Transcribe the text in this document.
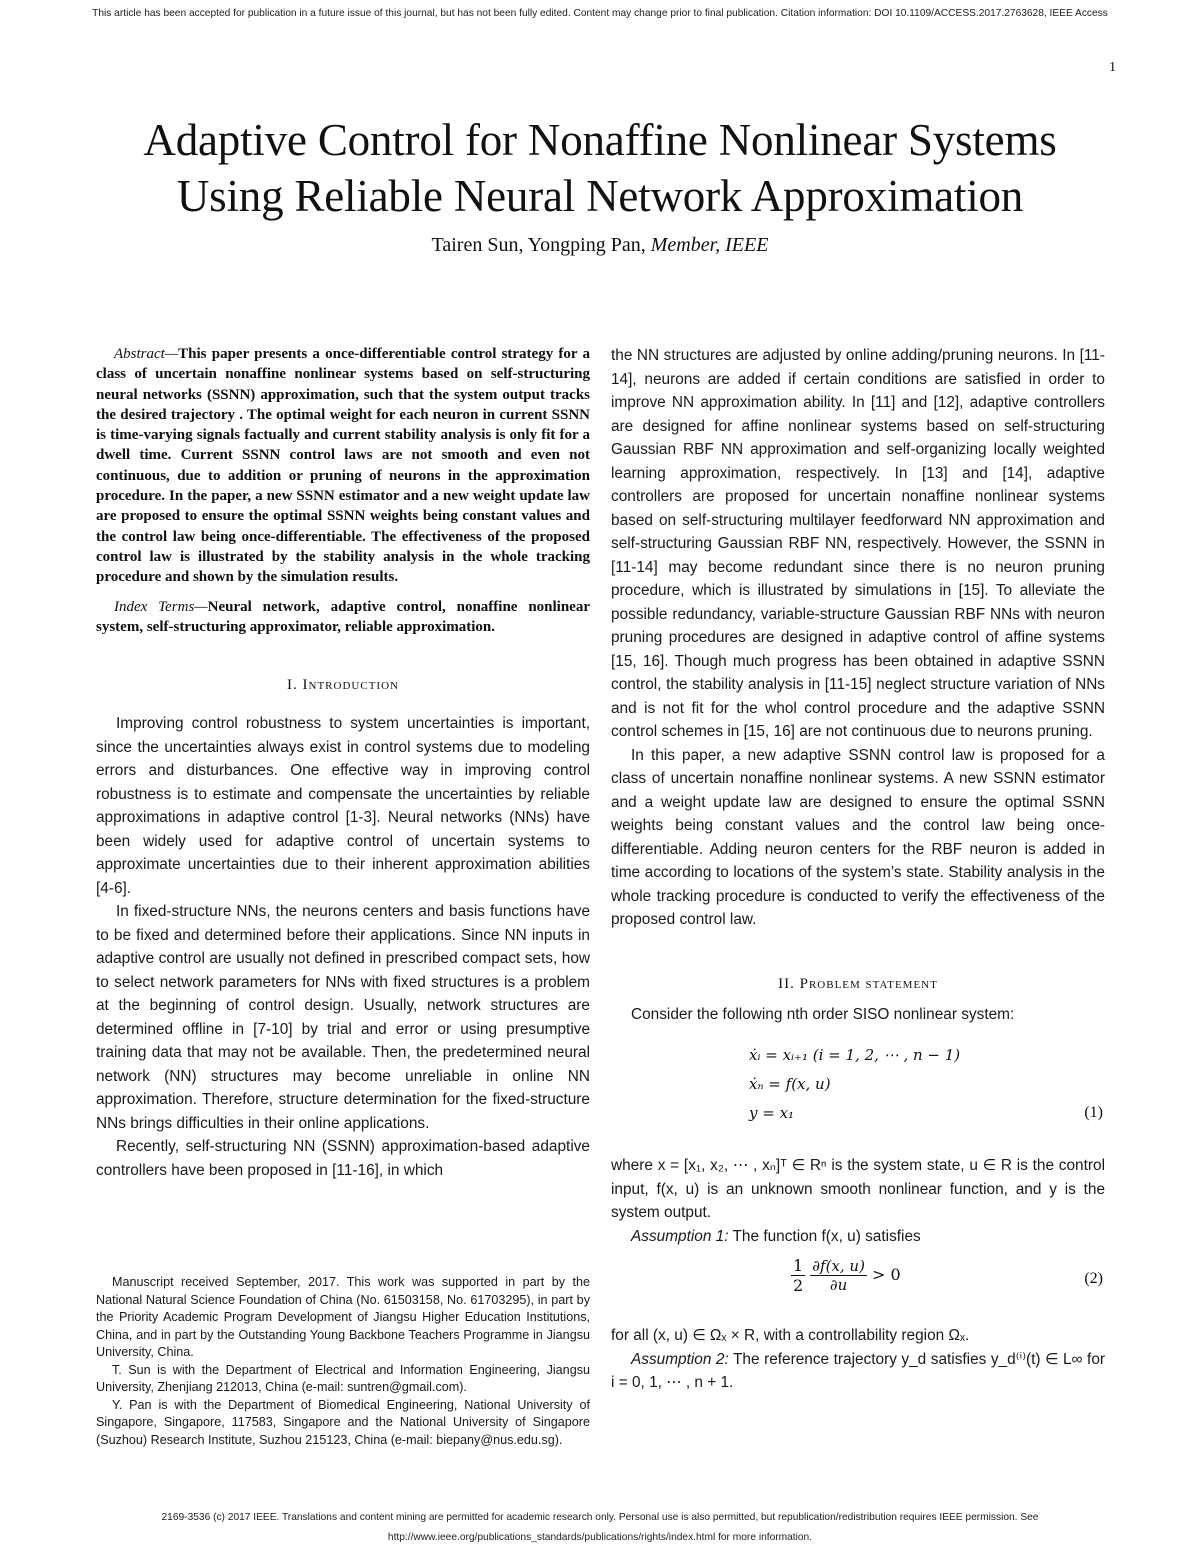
This article has been accepted for publication in a future issue of this journal, but has not been fully edited. Content may change prior to final publication. Citation information: DOI 10.1109/ACCESS.2017.2763628, IEEE Access
1
Adaptive Control for Nonaffine Nonlinear Systems
Using Reliable Neural Network Approximation
Tairen Sun, Yongping Pan, Member, IEEE

Abstract—This paper presents a once-differentiable control strategy for a class of uncertain nonaffine nonlinear systems based on self-structuring neural networks (SSNN) approximation, such that the system output tracks the desired trajectory . The optimal weight for each neuron in current SSNN is time-varying signals factually and current stability analysis is only fit for a dwell time. Current SSNN control laws are not smooth and even not continuous, due to addition or pruning of neurons in the approximation procedure. In the paper, a new SSNN estimator and a new weight update law are proposed to ensure the optimal SSNN weights being constant values and the control law being once-differentiable. The effectiveness of the proposed control law is illustrated by the stability analysis in the whole tracking procedure and shown by the simulation results.

Index Terms—Neural network, adaptive control, nonaffine nonlinear system, self-structuring approximator, reliable approximation.

I. Introduction

Improving control robustness to system uncertainties is important, since the uncertainties always exist in control systems due to modeling errors and disturbances. One effective way in improving control robustness is to estimate and compensate the uncertainties by reliable approximations in adaptive control [1-3]. Neural networks (NNs) have been widely used for adaptive control of uncertain systems to approximate uncertainties due to their inherent approximation abilities [4-6].

In fixed-structure NNs, the neurons centers and basis functions have to be fixed and determined before their applications. Since NN inputs in adaptive control are usually not defined in prescribed compact sets, how to select network parameters for NNs with fixed structures is a problem at the beginning of control design. Usually, network structures are determined offline in [7-10] by trial and error or using presumptive training data that may not be available. Then, the predetermined neural network (NN) structures may become unreliable in online NN approximation. Therefore, structure determination for the fixed-structure NNs brings difficulties in their online applications.

Recently, self-structuring NN (SSNN) approximation-based adaptive controllers have been proposed in [11-16], in which

Manuscript received September, 2017. This work was supported in part by the National Natural Science Foundation of China (No. 61503158, No. 61703295), in part by the Priority Academic Program Development of Jiangsu Higher Education Institutions, China, and in part by the Outstanding Young Backbone Teachers Programme in Jiangsu University, China.

T. Sun is with the Department of Electrical and Information Engineering, Jiangsu University, Zhenjiang 212013, China (e-mail: suntren@gmail.com).

Y. Pan is with the Department of Biomedical Engineering, National University of Singapore, Singapore, 117583, Singapore and the National University of Singapore (Suzhou) Research Institute, Suzhou 215123, China (e-mail: biepany@nus.edu.sg).

the NN structures are adjusted by online adding/pruning neurons. In [11-14], neurons are added if certain conditions are satisfied in order to improve NN approximation ability. In [11] and [12], adaptive controllers are designed for affine nonlinear systems based on self-structuring Gaussian RBF NN approximation and self-organizing locally weighted learning approximation, respectively. In [13] and [14], adaptive controllers are proposed for uncertain nonaffine nonlinear systems based on self-structuring multilayer feedforward NN approximation and self-structuring Gaussian RBF NN, respectively. However, the SSNN in [11-14] may become redundant since there is no neuron pruning procedure, which is illustrated by simulations in [15]. To alleviate the possible redundancy, variable-structure Gaussian RBF NNs with neuron pruning procedures are designed in adaptive control of affine systems [15, 16]. Though much progress has been obtained in adaptive SSNN control, the stability analysis in [11-15] neglect structure variation of NNs and is not fit for the whol control procedure and the adaptive SSNN control schemes in [15, 16] are not continuous due to neurons pruning.

In this paper, a new adaptive SSNN control law is proposed for a class of uncertain nonaffine nonlinear systems. A new SSNN estimator and a weight update law are designed to ensure the optimal SSNN weights being constant values and the control law being once-differentiable. Adding neuron centers for the RBF neuron is added in time according to locations of the system’s state. Stability analysis in the whole tracking procedure is conducted to verify the effectiveness of the proposed control law.

II. Problem statement

Consider the following nth order SISO nonlinear system:

ẋᵢ = xᵢ₊₁ (i = 1, 2, ⋯ , n − 1)
ẋₙ = f(x, u)
y = x₁	(1)

where x = [x₁, x₂, ⋯ , xₙ]ᵀ ∈ Rⁿ is the system state, u ∈ R is the control input, f(x, u) is an unknown smooth nonlinear function, and y is the system output.

Assumption 1: The function f(x, u) satisfies

$\frac{1}{2}$
$\frac{\partial f(x, u)}{\partial u} > 0$	(2)

for all (x, u) ∈ Ωₓ × R, with a controllability region Ωₓ.

Assumption 2: The reference trajectory y_d satisfies y_d⁽ⁱ⁾(t) ∈ L∞ for i = 0, 1, ⋯ , n + 1.

2169-3536 (c) 2017 IEEE. Translations and content mining are permitted for academic research only. Personal use is also permitted, but republication/redistribution requires IEEE permission. See
http://www.ieee.org/publications_standards/publications/rights/index.html for more information.
